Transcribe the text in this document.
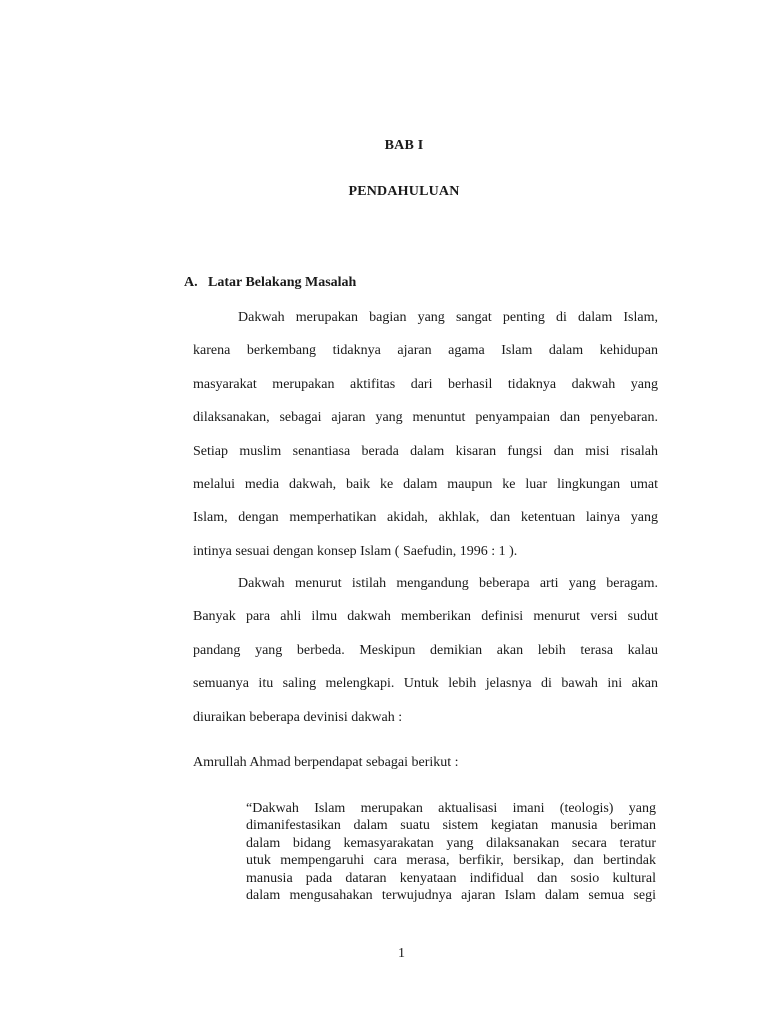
BAB I
PENDAHULUAN
A. Latar Belakang Masalah
Dakwah merupakan bagian yang sangat penting di dalam Islam,
karena berkembang tidaknya ajaran agama Islam dalam kehidupan
masyarakat merupakan aktifitas dari berhasil tidaknya dakwah yang
dilaksanakan, sebagai ajaran yang menuntut penyampaian dan penyebaran.
Setiap muslim senantiasa berada dalam kisaran fungsi dan misi risalah
melalui media dakwah, baik ke dalam maupun ke luar lingkungan umat
Islam, dengan memperhatikan akidah, akhlak, dan ketentuan lainya yang
intinya sesuai dengan konsep Islam ( Saefudin, 1996 : 1 ).
Dakwah menurut istilah mengandung beberapa arti yang beragam.
Banyak para ahli ilmu dakwah memberikan definisi menurut versi sudut
pandang yang berbeda. Meskipun demikian akan lebih terasa kalau
semuanya itu saling melengkapi. Untuk lebih jelasnya di bawah ini akan
diuraikan beberapa devinisi dakwah :
Amrullah Ahmad berpendapat sebagai berikut :
“Dakwah Islam merupakan aktualisasi imani (teologis) yang
dimanifestasikan dalam suatu sistem kegiatan manusia beriman
dalam bidang kemasyarakatan yang dilaksanakan secara teratur
utuk mempengaruhi cara merasa, berfikir, bersikap, dan bertindak
manusia pada dataran kenyataan indifidual dan sosio kultural
dalam mengusahakan terwujudnya ajaran Islam dalam semua segi
1
